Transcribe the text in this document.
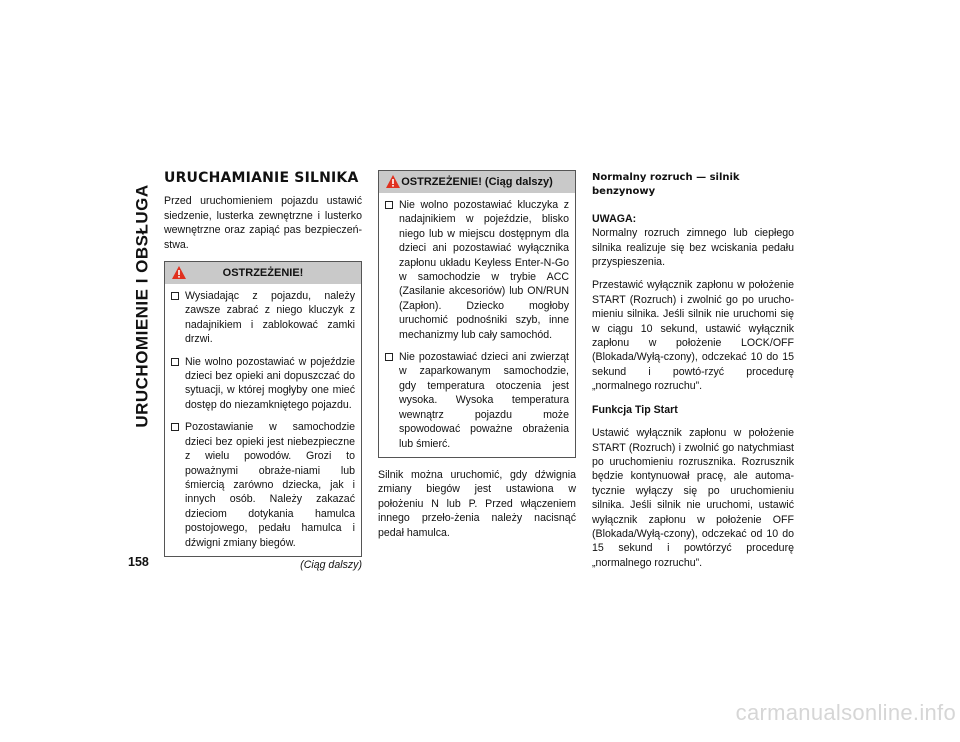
URUCHOMIENIE I OBSŁUGA
URUCHAMIANIE SILNIKA

Przed uruchomieniem pojazdu ustawić siedzenie, lusterka zewnętrzne i lusterko wewnętrzne oraz zapiąć pas bezpieczeń-stwa.

OSTRZEŻENIE!
Wysiadając z pojazdu, należy zawsze zabrać z niego kluczyk z nadajnikiem i zablokować zamki drzwi.
Nie wolno pozostawiać w pojeździe dzieci bez opieki ani dopuszczać do sytuacji, w której mogłyby one mieć dostęp do niezamkniętego pojazdu.
Pozostawianie w samochodzie dzieci bez opieki jest niebezpieczne z wielu powodów. Grozi to poważnymi obraże-niami lub śmiercią zarówno dziecka, jak i innych osób. Należy zakazać dzieciom dotykania hamulca postojowego, pedału hamulca i dźwigni zmiany biegów.
(Ciąg dalszy)
OSTRZEŻENIE! (Ciąg dalszy)
Nie wolno pozostawiać kluczyka z nadajnikiem w pojeździe, blisko niego lub w miejscu dostępnym dla dzieci ani pozostawiać wyłącznika zapłonu układu Keyless Enter-N-Go w samochodzie w trybie ACC (Zasilanie akcesoriów) lub ON/RUN (Zapłon). Dziecko mogłoby uruchomić podnośniki szyb, inne mechanizmy lub cały samochód.
Nie pozostawiać dzieci ani zwierząt w zaparkowanym samochodzie, gdy temperatura otoczenia jest wysoka. Wysoka temperatura wewnątrz pojazdu może spowodować poważne obrażenia lub śmierć.

Silnik można uruchomić, gdy dźwignia zmiany biegów jest ustawiona w położeniu N lub P. Przed włączeniem innego przeło-żenia należy nacisnąć pedał hamulca.

Normalny rozruch — silnik benzynowy

UWAGA:

Normalny rozruch zimnego lub ciepłego silnika realizuje się bez wciskania pedału przyspieszenia.

Przestawić wyłącznik zapłonu w położenie START (Rozruch) i zwolnić go po urucho-mieniu silnika. Jeśli silnik nie uruchomi się w ciągu 10 sekund, ustawić wyłącznik zapłonu w położenie LOCK/OFF (Blokada/Wyłą-czony), odczekać 10 do 15 sekund i powtó-rzyć procedurę „normalnego rozruchu”.

Funkcja Tip Start

Ustawić wyłącznik zapłonu w położenie START (Rozruch) i zwolnić go natychmiast po uruchomieniu rozrusznika. Rozrusznik będzie kontynuował pracę, ale automa-tycznie wyłączy się po uruchomieniu silnika. Jeśli silnik nie uruchomi, ustawić wyłącznik zapłonu w położenie OFF (Blokada/Wyłą-czony), odczekać od 10 do 15 sekund i powtórzyć procedurę „normalnego rozruchu”.

158
carmanualsonline.info
